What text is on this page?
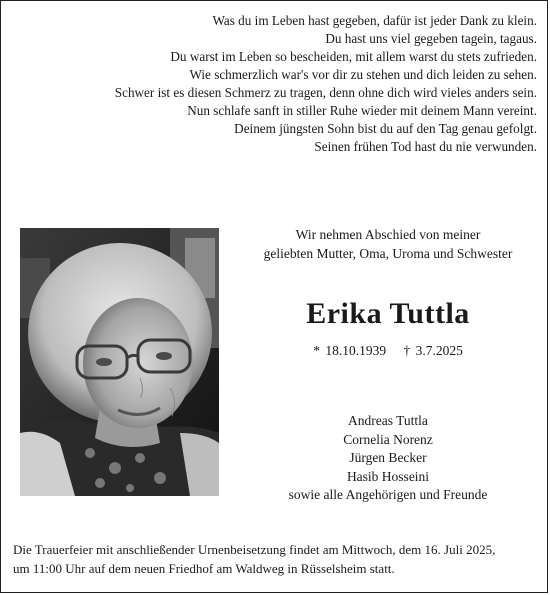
Was du im Leben hast gegeben, dafür ist jeder Dank zu klein.
Du hast uns viel gegeben tagein, tagaus.
Du warst im Leben so bescheiden, mit allem warst du stets zufrieden.
Wie schmerzlich war's vor dir zu stehen und dich leiden zu sehen.
Schwer ist es diesen Schmerz zu tragen, denn ohne dich wird vieles anders sein.
Nun schlafe sanft in stiller Ruhe wieder mit deinem Mann vereint.
Deinem jüngsten Sohn bist du auf den Tag genau gefolgt.
Seinen frühen Tod hast du nie verwunden.
Wir nehmen Abschied von meiner
geliebten Mutter, Oma, Uroma und Schwester
Erika Tuttla
* 18.10.1939 † 3.7.2025
Andreas Tuttla
Cornelia Norenz
Jürgen Becker
Hasib Hosseini
sowie alle Angehörigen und Freunde
Die Trauerfeier mit anschließender Urnenbeisetzung findet am Mittwoch, dem 16. Juli 2025,
um 11:00 Uhr auf dem neuen Friedhof am Waldweg in Rüsselsheim statt.
